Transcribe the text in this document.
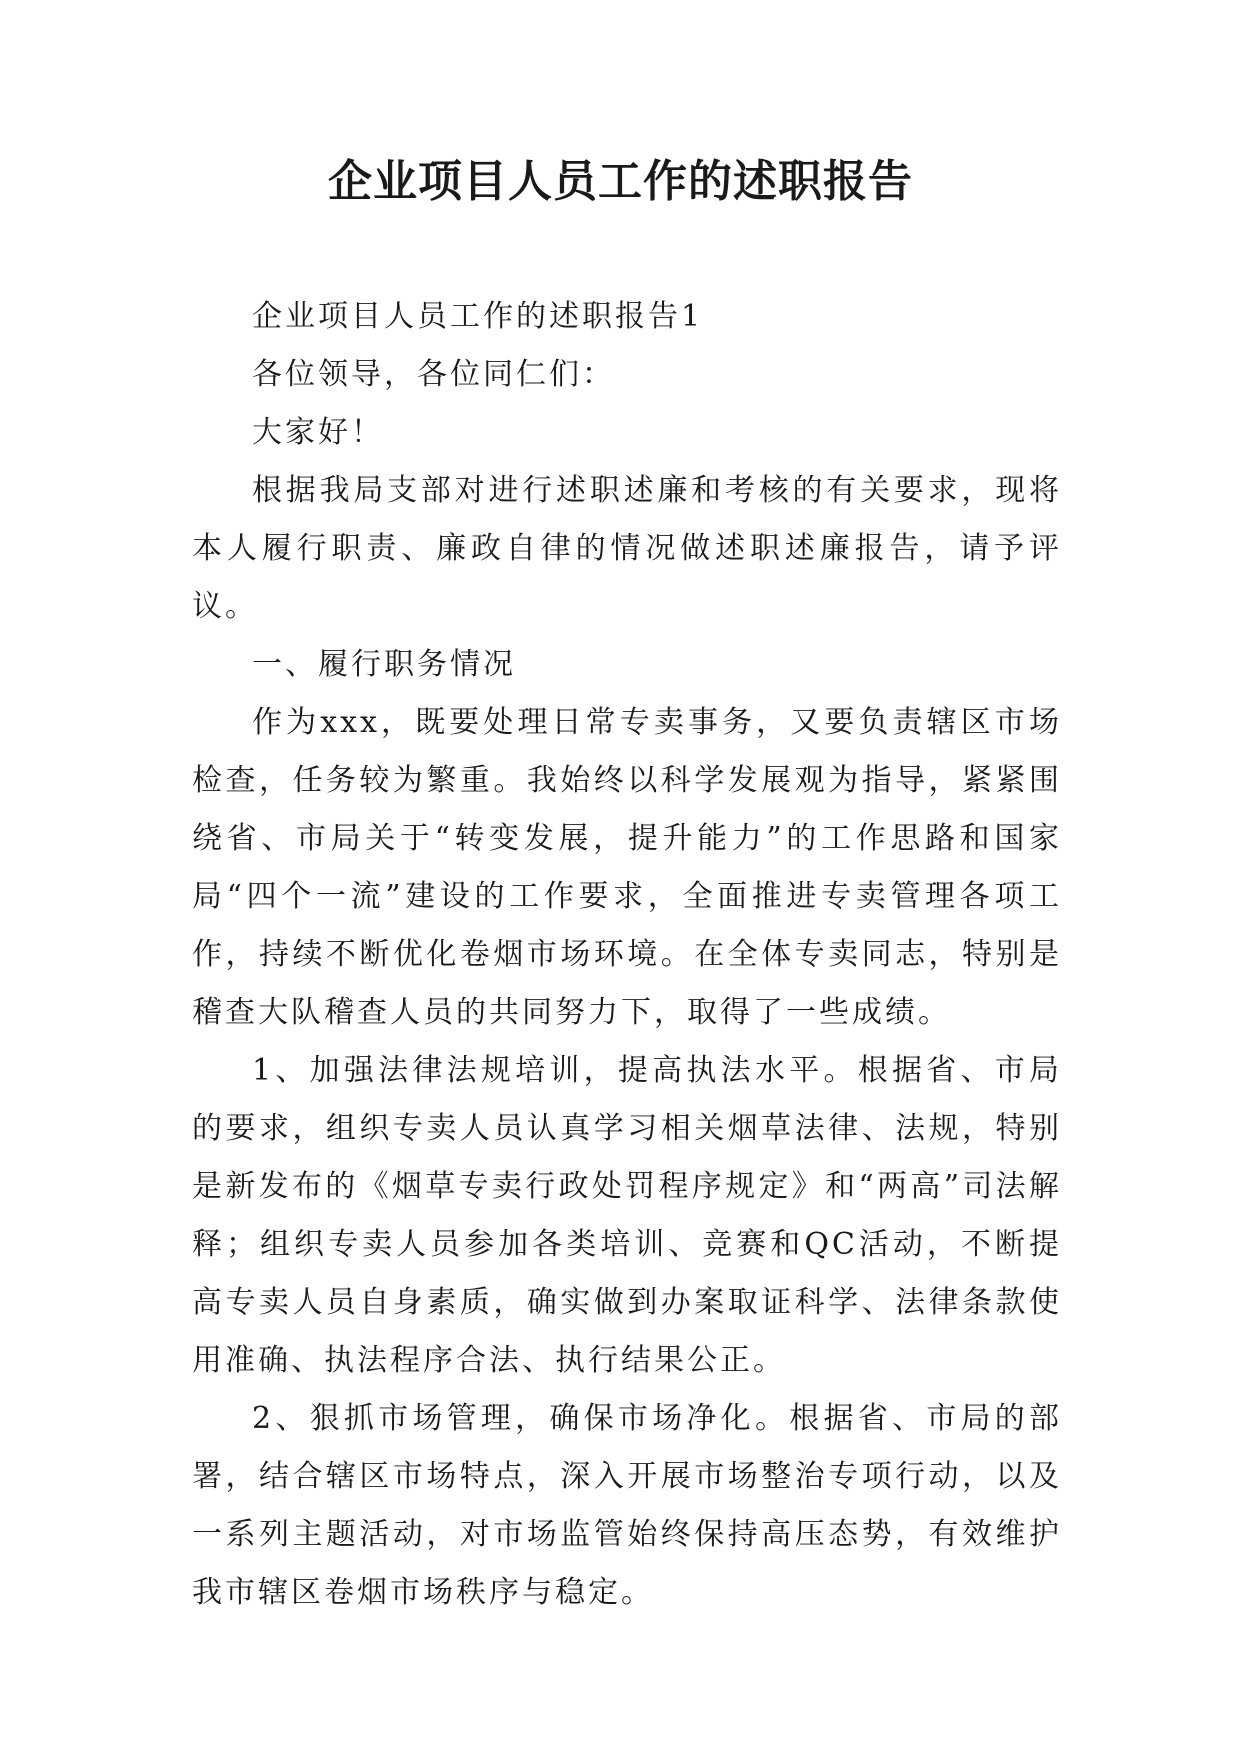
企业项目人员工作的述职报告

企业项目人员工作的述职报告1

各位领导，各位同仁们：

大家好！

根据我局支部对进行述职述廉和考核的有关要求，现将本人履行职责、廉政自律的情况做述职述廉报告，请予评议。

一、履行职务情况

作为xxx，既要处理日常专卖事务，又要负责辖区市场检查，任务较为繁重。我始终以科学发展观为指导，紧紧围绕省、市局关于“转变发展，提升能力”的工作思路和国家局“四个一流”建设的工作要求，全面推进专卖管理各项工作，持续不断优化卷烟市场环境。在全体专卖同志，特别是稽查大队稽查人员的共同努力下，取得了一些成绩。

1、加强法律法规培训，提高执法水平。根据省、市局的要求，组织专卖人员认真学习相关烟草法律、法规，特别是新发布的《烟草专卖行政处罚程序规定》和“两高”司法解释；组织专卖人员参加各类培训、竞赛和QC活动，不断提高专卖人员自身素质，确实做到办案取证科学、法律条款使用准确、执法程序合法、执行结果公正。

2、狠抓市场管理，确保市场净化。根据省、市局的部署，结合辖区市场特点，深入开展市场整治专项行动，以及一系列主题活动，对市场监管始终保持高压态势，有效维护我市辖区卷烟市场秩序与稳定。
